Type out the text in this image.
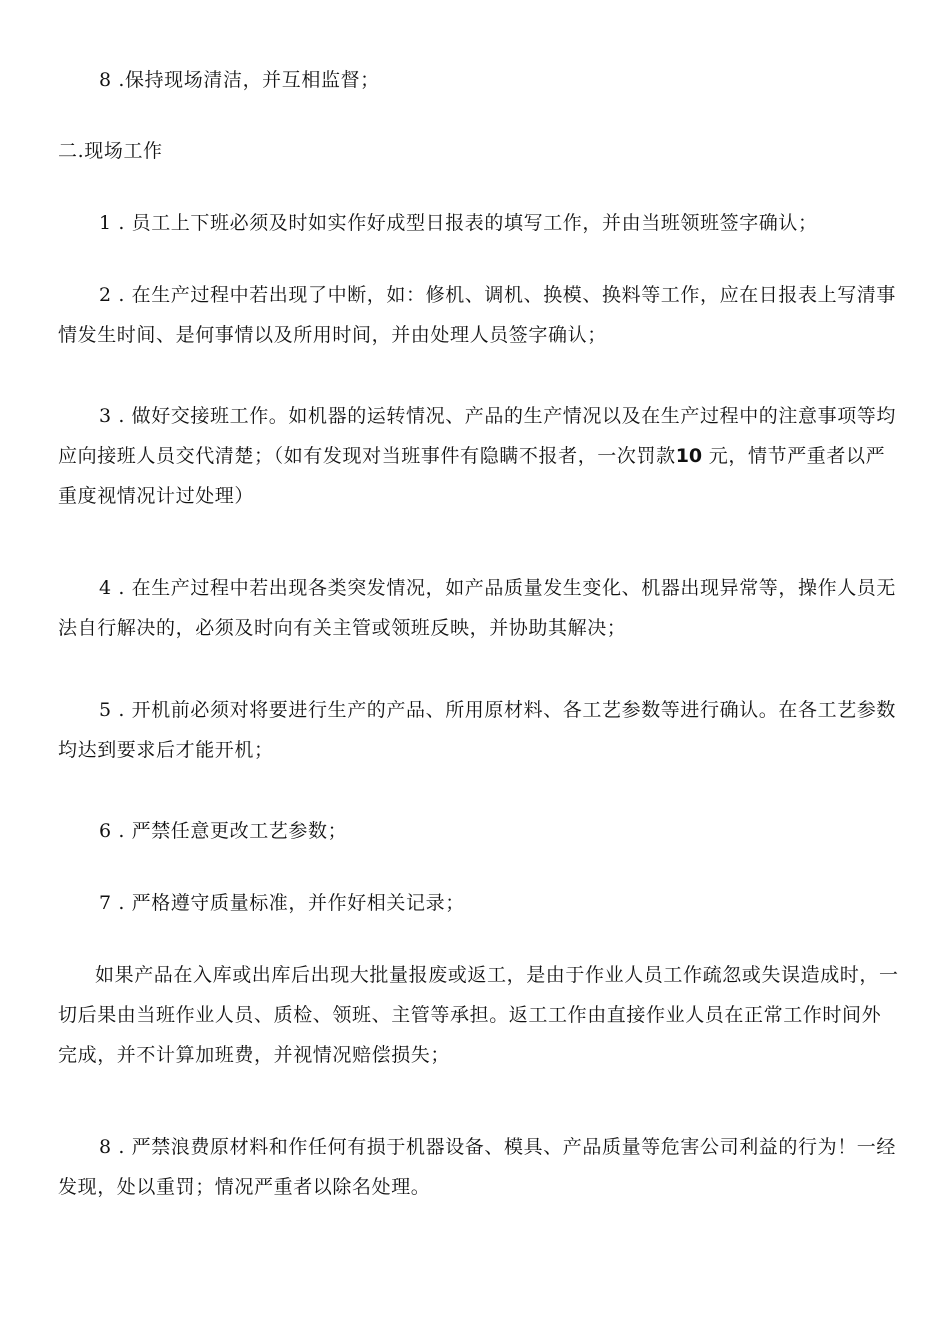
8 .保持现场清洁，并互相监督；

二.现场工作

1 . 员工上下班必须及时如实作好成型日报表的填写工作，并由当班领班签字确认；

2 . 在生产过程中若出现了中断，如：修机、调机、换模、换料等工作，应在日报表上写清事情发生时间、是何事情以及所用时间，并由处理人员签字确认；

3 . 做好交接班工作。如机器的运转情况、产品的生产情况以及在生产过程中的注意事项等均应向接班人员交代清楚；（如有发现对当班事件有隐瞒不报者，一次罚款10 元，情节严重者以严重度视情况计过处理）

4 . 在生产过程中若出现各类突发情况，如产品质量发生变化、机器出现异常等，操作人员无法自行解决的，必须及时向有关主管或领班反映，并协助其解决；

5 . 开机前必须对将要进行生产的产品、所用原材料、各工艺参数等进行确认。在各工艺参数均达到要求后才能开机；

6 . 严禁任意更改工艺参数；

7 . 严格遵守质量标准，并作好相关记录；

如果产品在入库或出库后出现大批量报废或返工，是由于作业人员工作疏忽或失误造成时，一切后果由当班作业人员、质检、领班、主管等承担。返工工作由直接作业人员在正常工作时间外完成，并不计算加班费，并视情况赔偿损失；

8 . 严禁浪费原材料和作任何有损于机器设备、模具、产品质量等危害公司利益的行为！一经发现，处以重罚；情况严重者以除名处理。
